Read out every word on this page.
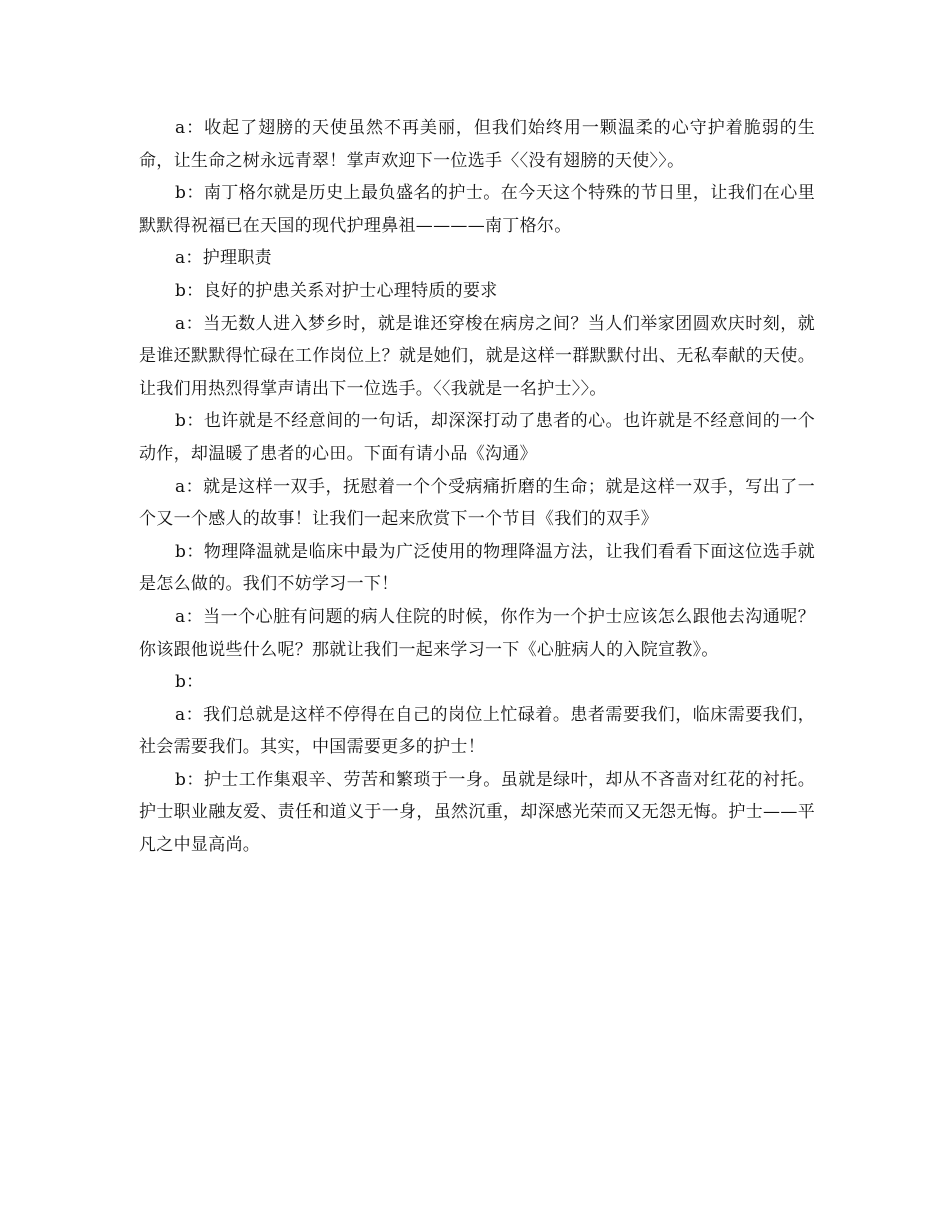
a：收起了翅膀的天使虽然不再美丽，但我们始终用一颗温柔的心守护着脆弱的生命，让生命之树永远青翠！掌声欢迎下一位选手〈〈没有翅膀的天使〉〉。

b：南丁格尔就是历史上最负盛名的护士。在今天这个特殊的节日里，让我们在心里默默得祝福已在天国的现代护理鼻祖————南丁格尔。

a：护理职责

b：良好的护患关系对护士心理特质的要求

a：当无数人进入梦乡时，就是谁还穿梭在病房之间？当人们举家团圆欢庆时刻，就是谁还默默得忙碌在工作岗位上？就是她们，就是这样一群默默付出、无私奉献的天使。让我们用热烈得掌声请出下一位选手。〈〈我就是一名护士〉〉。

b：也许就是不经意间的一句话，却深深打动了患者的心。也许就是不经意间的一个动作，却温暖了患者的心田。下面有请小品《沟通》

a：就是这样一双手，抚慰着一个个受病痛折磨的生命；就是这样一双手，写出了一个又一个感人的故事！让我们一起来欣赏下一个节目《我们的双手》

b：物理降温就是临床中最为广泛使用的物理降温方法，让我们看看下面这位选手就是怎么做的。我们不妨学习一下！

a：当一个心脏有问题的病人住院的时候，你作为一个护士应该怎么跟他去沟通呢？你该跟他说些什么呢？那就让我们一起来学习一下《心脏病人的入院宣教》。

b：

a：我们总就是这样不停得在自己的岗位上忙碌着。患者需要我们，临床需要我们，社会需要我们。其实，中国需要更多的护士！

b：护士工作集艰辛、劳苦和繁琐于一身。虽就是绿叶，却从不吝啬对红花的衬托。护士职业融友爱、责任和道义于一身，虽然沉重，却深感光荣而又无怨无悔。护士——平凡之中显高尚。
